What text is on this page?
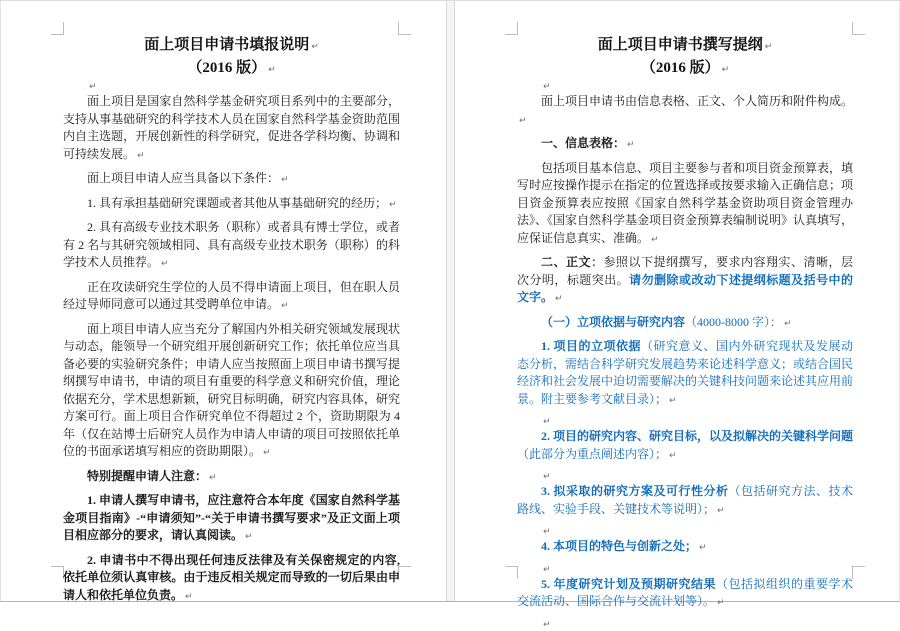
面上项目申请书填报说明 ↵
（2016 版） ↵

↵

面上项目是国家自然科学基金研究项目系列中的主要部分，支持从事基础研究的科学技术人员在国家自然科学基金资助范围内自主选题，开展创新性的科学研究，促进各学科均衡、协调和可持续发展。 ↵

面上项目申请人应当具备以下条件： ↵

1. 具有承担基础研究课题或者其他从事基础研究的经历； ↵

2. 具有高级专业技术职务（职称）或者具有博士学位，或者有 2 名与其研究领域相同、具有高级专业技术职务（职称）的科学技术人员推荐。 ↵

正在攻读研究生学位的人员不得申请面上项目，但在职人员经过导师同意可以通过其受聘单位申请。 ↵

面上项目申请人应当充分了解国内外相关研究领域发展现状与动态，能领导一个研究组开展创新研究工作；依托单位应当具备必要的实验研究条件；申请人应当按照面上项目申请书撰写提纲撰写申请书，申请的项目有重要的科学意义和研究价值，理论依据充分，学术思想新颖，研究目标明确，研究内容具体，研究方案可行。面上项目合作研究单位不得超过 2 个，资助期限为 4 年（仅在站博士后研究人员作为申请人申请的项目可按照依托单位的书面承诺填写相应的资助期限）。 ↵

特别提醒申请人注意： ↵

1. 申请人撰写申请书，应注意符合本年度《国家自然科学基金项目指南》-“申请须知”-“关于申请书撰写要求”及正文面上项目相应部分的要求，请认真阅读。 ↵

2. 申请书中不得出现任何违反法律及有关保密规定的内容,依托单位须认真审核。由于违反相关规定而导致的一切后果由申请人和依托单位负责。 ↵

面上项目申请书撰写提纲 ↵
（2016 版） ↵

↵

面上项目申请书由信息表格、正文、个人简历和附件构成。↵

一、信息表格： ↵

包括项目基本信息、项目主要参与者和项目资金预算表，填写时应按操作提示在指定的位置选择或按要求输入正确信息；项目资金预算表应按照《国家自然科学基金资助项目资金管理办法》、《国家自然科学基金项目资金预算表编制说明》认真填写，应保证信息真实、准确。 ↵

二、正文：参照以下提纲撰写，要求内容翔实、清晰，层次分明，标题突出。请勿删除或改动下述提纲标题及括号中的文字。 ↵

（一）立项依据与研究内容（4000-8000 字）： ↵

1. 项目的立项依据（研究意义、国内外研究现状及发展动态分析，需结合科学研究发展趋势来论述科学意义；或结合国民经济和社会发展中迫切需要解决的关键科技问题来论述其应用前景。附主要参考文献目录）； ↵

↵

2. 项目的研究内容、研究目标，以及拟解决的关键科学问题（此部分为重点阐述内容）； ↵

↵

3. 拟采取的研究方案及可行性分析（包括研究方法、技术路线、实验手段、关键技术等说明）； ↵

↵

4. 本项目的特色与创新之处； ↵

↵

5. 年度研究计划及预期研究结果（包括拟组织的重要学术交流活动、国际合作与交流计划等）。 ↵

↵
